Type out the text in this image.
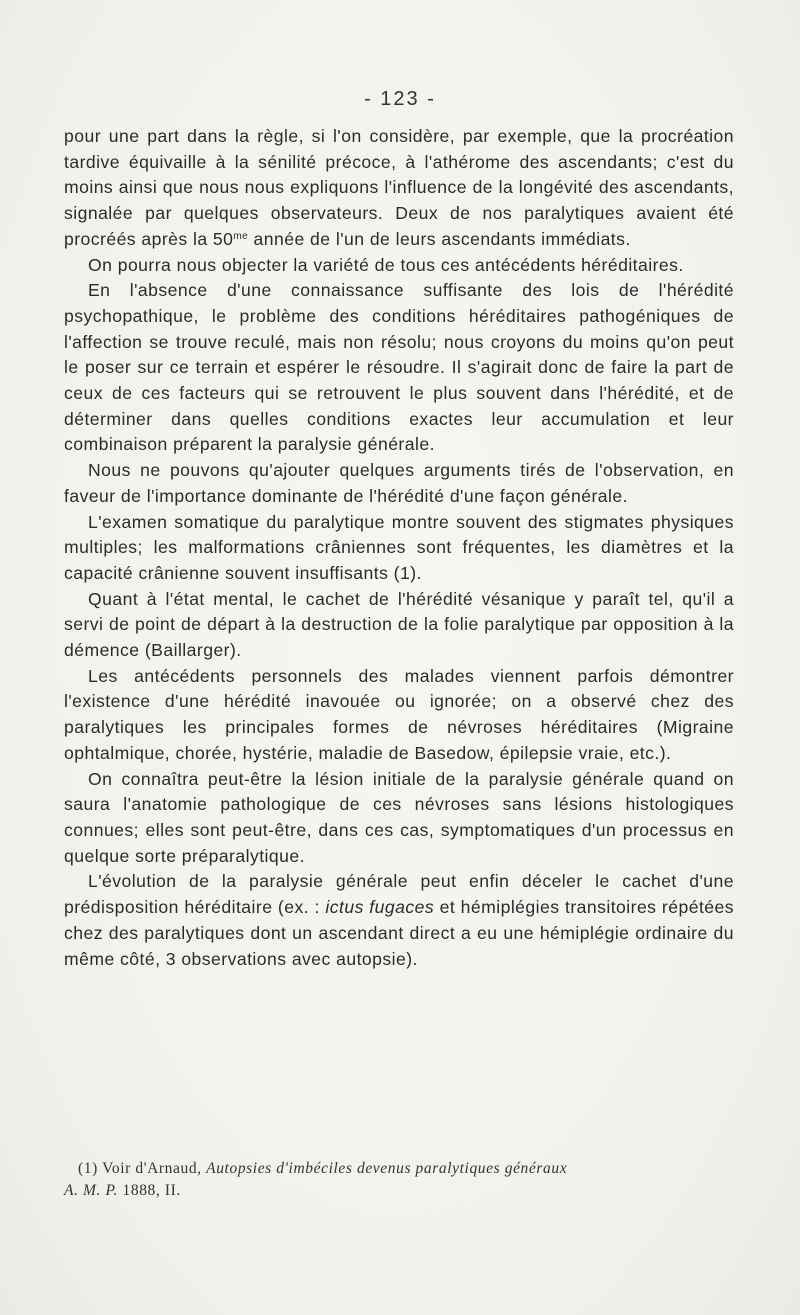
- 123 -

pour une part dans la règle, si l'on considère, par exemple, que la procréation tardive équivaille à la sénilité précoce, à l'athérome des ascendants; c'est du moins ainsi que nous nous expliquons l'influence de la longévité des ascendants, signalée par quelques observateurs. Deux de nos paralytiques avaient été procréés après la $50^{me}$ année de l'un de leurs ascendants immédiats.

On pourra nous objecter la variété de tous ces antécédents héréditaires.

En l'absence d'une connaissance suffisante des lois de l'hérédité psychopathique, le problème des conditions héréditaires pathogéniques de l'affection se trouve reculé, mais non résolu; nous croyons du moins qu'on peut le poser sur ce terrain et espérer le résoudre. Il s'agirait donc de faire la part de ceux de ces facteurs qui se retrouvent le plus souvent dans l'hérédité, et de déterminer dans quelles conditions exactes leur accumulation et leur combinaison préparent la paralysie générale.

Nous ne pouvons qu'ajouter quelques arguments tirés de l'observation, en faveur de l'importance dominante de l'hérédité d'une façon générale.

L'examen somatique du paralytique montre souvent des stigmates physiques multiples; les malformations crâniennes sont fréquentes, les diamètres et la capacité crânienne souvent insuffisants (1).

Quant à l'état mental, le cachet de l'hérédité vésanique y paraît tel, qu'il a servi de point de départ à la destruction de la folie paralytique par opposition à la démence (Baillarger).

Les antécédents personnels des malades viennent parfois démontrer l'existence d'une hérédité inavouée ou ignorée; on a observé chez des paralytiques les principales formes de névroses héréditaires (Migraine ophtalmique, chorée, hystérie, maladie de Basedow, épilepsie vraie, etc.).

On connaîtra peut-être la lésion initiale de la paralysie générale quand on saura l'anatomie pathologique de ces névroses sans lésions histologiques connues; elles sont peut-être, dans ces cas, symptomatiques d'un processus en quelque sorte préparalytique.

L'évolution de la paralysie générale peut enfin déceler le cachet d'une prédisposition héréditaire (ex. : ictus fugaces et hémiplégies transitoires répétées chez des paralytiques dont un ascendant direct a eu une hémiplégie ordinaire du même côté, 3 observations avec autopsie).

(1) Voir d'Arnaud, Autopsies d'imbéciles devenus paralytiques généraux

A. M. P. 1888, II.
